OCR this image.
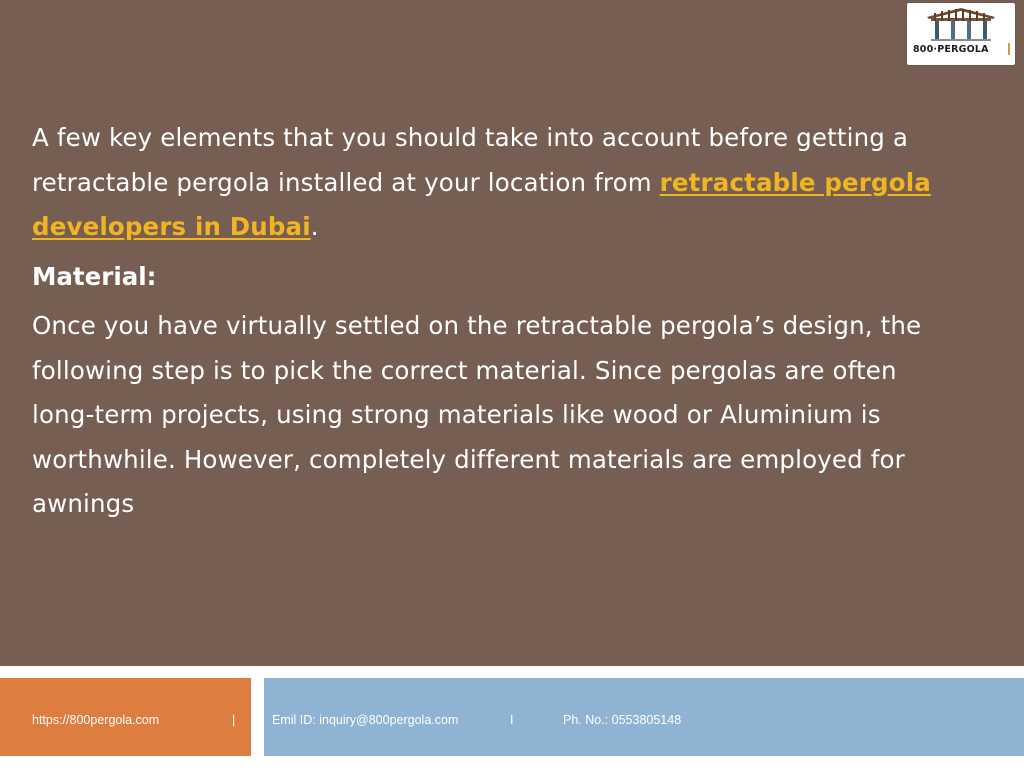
800·PERGOLA

A few key elements that you should take into account before getting a retractable pergola installed at your location from retractable pergola developers in Dubai.

Material:

Once you have virtually settled on the retractable pergola’s design, the following step is to pick the correct material. Since pergolas are often long-term projects, using strong materials like wood or Aluminium is worthwhile. However, completely different materials are employed for awnings

https://800pergola.com	|	Emil ID: inquiry@800pergola.com	I	Ph. No.: 0553805148
